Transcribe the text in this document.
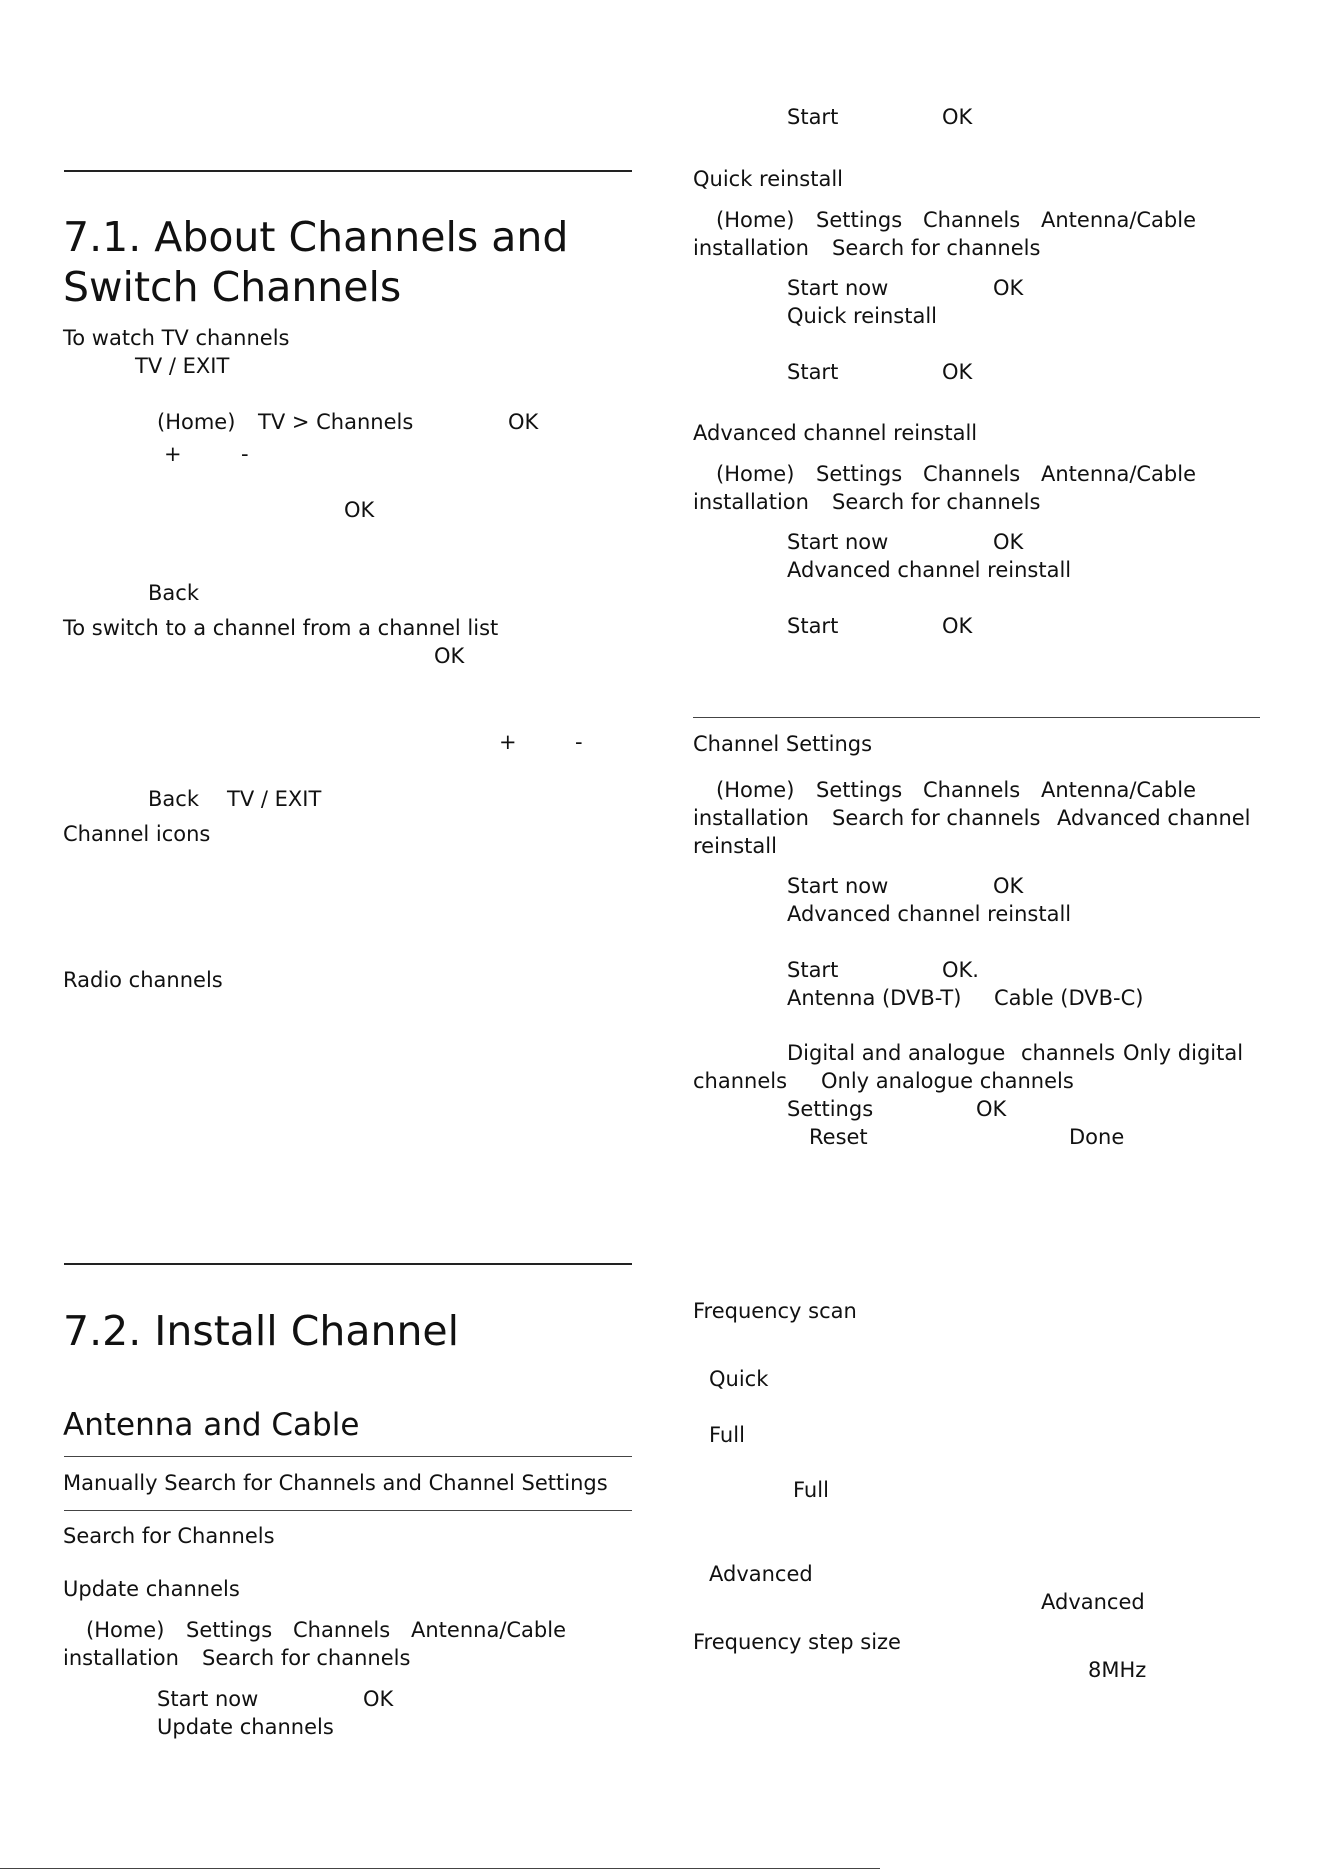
7.1. About Channels and
Switch Channels
To watch TV channels
TV / EXIT
(Home) TV > Channels	OK
+	-
OK
Back
To switch to a channel from a channel list
OK
+	-
Back TV / EXIT
Channel icons
Radio channels
7.2. Install Channel
Antenna and Cable
Manually Search for Channels and Channel Settings
Search for Channels
Update channels
(Home) Settings Channels Antenna/Cable
installation Search for channels
Start now	OK
Update channels
Start	OK
Quick reinstall
(Home) Settings Channels Antenna/Cable
installation Search for channels
Start now	OK
Quick reinstall
Start	OK
Advanced channel reinstall
(Home) Settings Channels Antenna/Cable
installation Search for channels
Start now	OK
Advanced channel reinstall
Start	OK
Channel Settings
(Home) Settings Channels Antenna/Cable
installation Search for channels Advanced channel
reinstall
Start now	OK
Advanced channel reinstall
Start	OK.
Antenna (DVB-T) Cable (DVB-C)
Digital and analogue channels Only digital
channels Only analogue channels
Settings	OK
Reset	Done
Frequency scan
Quick
Full
Full
Advanced
Advanced
Frequency step size
8MHz
